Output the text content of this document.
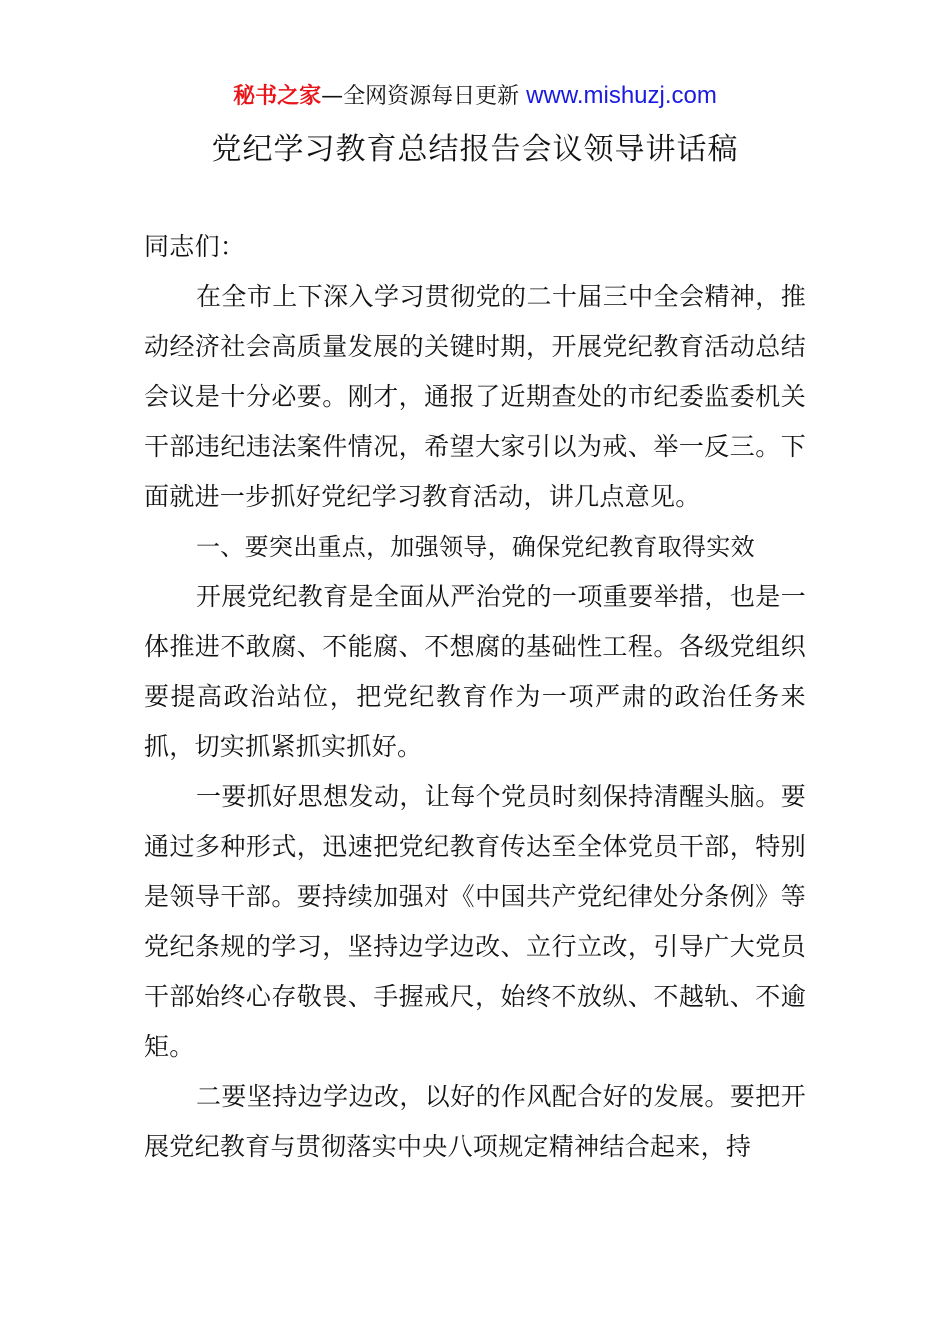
秘书之家—全网资源每日更新 www.mishuzj.com
党纪学习教育总结报告会议领导讲话稿

同志们：

在全市上下深入学习贯彻党的二十届三中全会精神，推动经济社会高质量发展的关键时期，开展党纪教育活动总结会议是十分必要。刚才，通报了近期查处的市纪委监委机关干部违纪违法案件情况，希望大家引以为戒、举一反三。下面就进一步抓好党纪学习教育活动，讲几点意见。

一、要突出重点，加强领导，确保党纪教育取得实效

开展党纪教育是全面从严治党的一项重要举措，也是一体推进不敢腐、不能腐、不想腐的基础性工程。各级党组织要提高政治站位，把党纪教育作为一项严肃的政治任务来抓，切实抓紧抓实抓好。

一要抓好思想发动，让每个党员时刻保持清醒头脑。要通过多种形式，迅速把党纪教育传达至全体党员干部，特别是领导干部。要持续加强对《中国共产党纪律处分条例》等党纪条规的学习，坚持边学边改、立行立改，引导广大党员干部始终心存敬畏、手握戒尺，始终不放纵、不越轨、不逾矩。

二要坚持边学边改，以好的作风配合好的发展。要把开展党纪教育与贯彻落实中央八项规定精神结合起来，持
